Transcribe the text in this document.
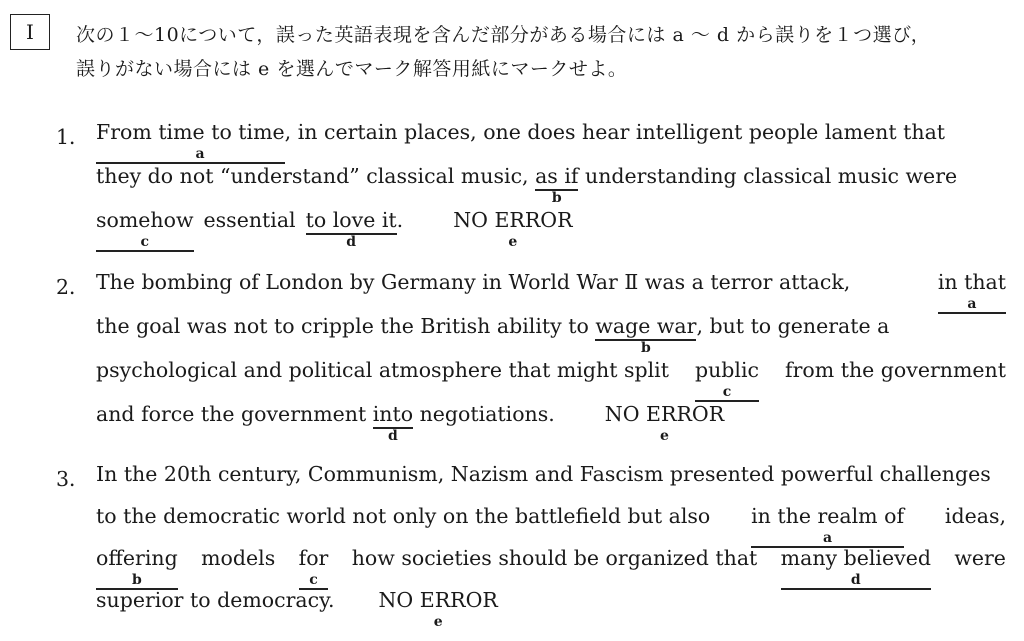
I 次の１～10について，誤った英語表現を含んだ部分がある場合には a ～ d から誤りを１つ選び，
誤りがない場合には e を選んでマーク解答用紙にマークせよ。
1． From time to time
a
, in certain places, one does hear intelligent people lament that
they do not “understand” classical music, as if
b
understanding classical music were
somehow
c
essential to love it
d
. NO ERROR
e
2． The bombing of London by Germany in World War Ⅱ was a terror attack,	in that
a
the goal was not to cripple the British ability to wage war
b
, but to generate a
psychological and political atmosphere that might split public
c
from the government
and force the government into
d
negotiations. NO ERROR
e
3． In the 20th century, Communism, Nazism and Fascism presented powerful challenges
to the democratic world not only on the battlefield but also in the realm of
a
ideas,
offering
b
models for
c
how societies should be organized that many believed
d
were
superior to democracy. NO ERROR
e
